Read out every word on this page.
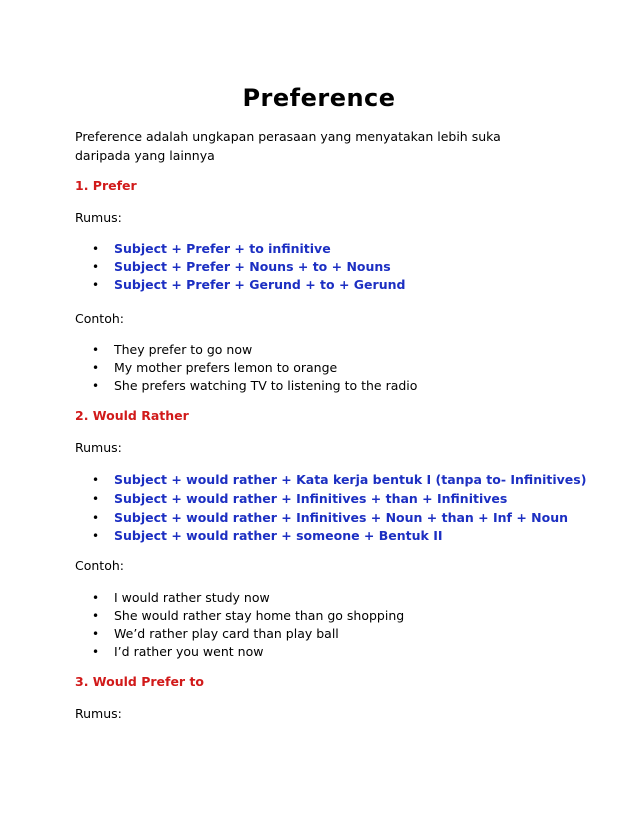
Preference
Preference adalah ungkapan perasaan yang menyatakan lebih suka daripada yang lainnya
1. Prefer
Rumus:
• Subject + Prefer + to infinitive
• Subject + Prefer + Nouns + to + Nouns
• Subject + Prefer + Gerund + to + Gerund
Contoh:
• They prefer to go now
• My mother prefers lemon to orange
• She prefers watching TV to listening to the radio
2. Would Rather
Rumus:
• Subject + would rather + Kata kerja bentuk I (tanpa to- Infinitives)
• Subject + would rather + Infinitives + than + Infinitives
• Subject + would rather + Infinitives + Noun + than + Inf + Noun
• Subject + would rather + someone + Bentuk II
Contoh:
• I would rather study now
• She would rather stay home than go shopping
• We’d rather play card than play ball
• I’d rather you went now
3. Would Prefer to
Rumus:
